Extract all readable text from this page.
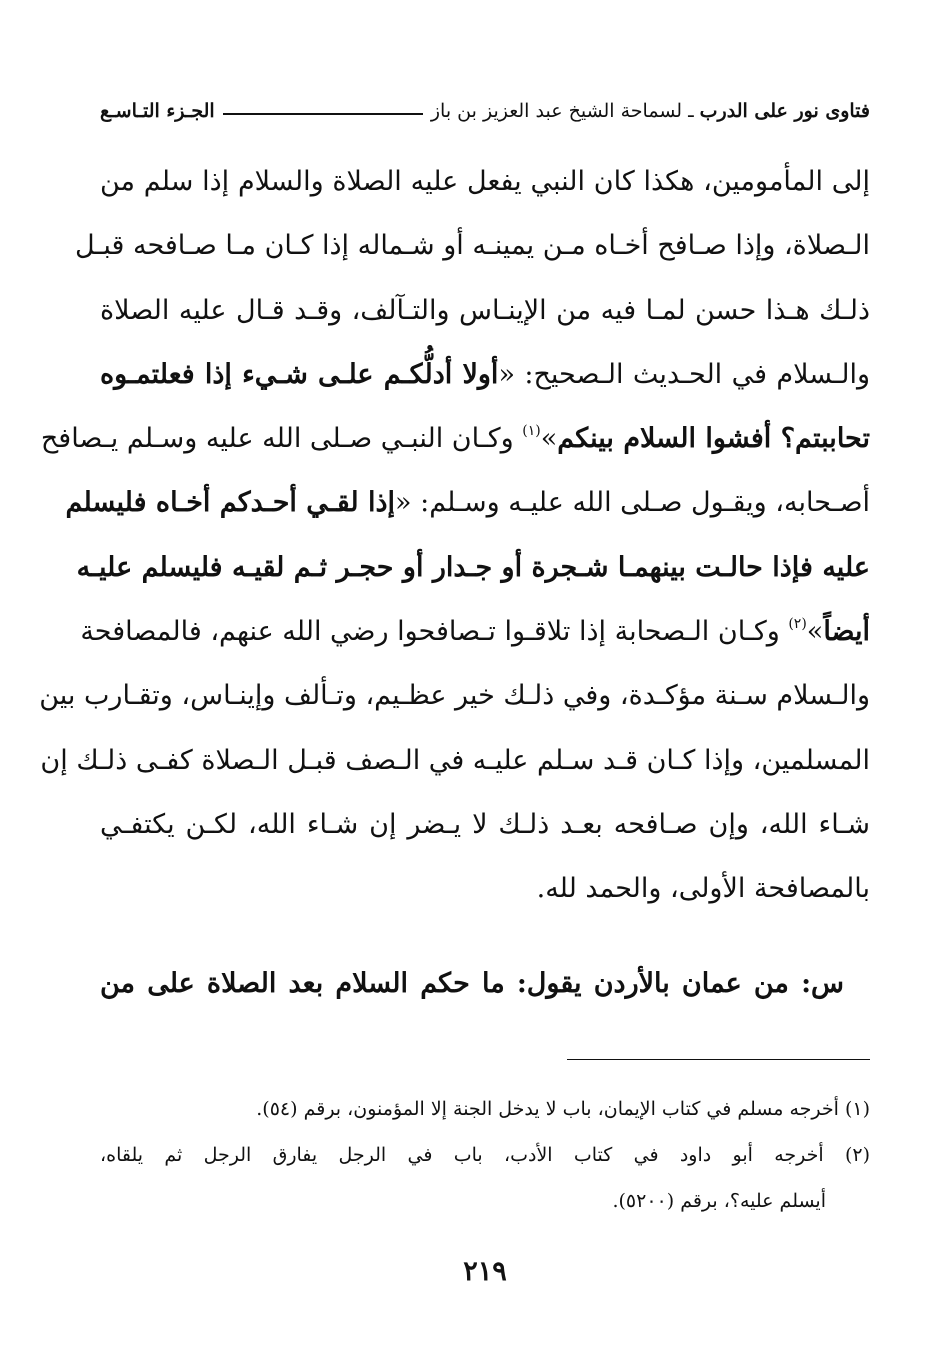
فتاوى نور على الدرب
ـ
لسماحة الشيخ عبد العزيز بن باز
الجـزء التـاسـع
إلى المأمومين، هكذا كان النبي يفعل عليه الصلاة والسلام إذا سلم من
الـصلاة، وإذا صـافح أخـاه مـن يمينـه أو شـماله إذا كـان مـا صـافحه قبـل
ذلـك هـذا حسن لمـا فيه من الإينـاس والتـآلف، وقـد قـال عليه الصلاة
والـسلام في الحـديث الـصحيح: «أولا أدلُّكـم علـى شـيء إذا فعلتمـوه
تحاببتم؟ أفشوا السلام بينكم»$^{(١)}$ وكـان النبـي صـلى الله عليه وسـلم يـصافح
أصـحابه، ويقـول صـلى الله عليـه وسـلم: «إذا لقـي أحـدكم أخـاه فليسلم
عليه فإذا حالـت بينهمـا شـجرة أو جـدار أو حجـر ثـم لقيـه فليسلم عليـه
أيضاً»$^{(٢)}$ وكـان الـصحابة إذا تلاقـوا تـصافحوا رضي الله عنهم، فالمصافحة
والـسلام سـنة مؤكـدة، وفي ذلـك خير عظـيم، وتـألف وإينـاس، وتقـارب بين
المسلمين، وإذا كـان قـد سـلم عليـه في الـصف قبـل الـصلاة كفـى ذلـك إن
شـاء الله، وإن صـافحه بعـد ذلـك لا يـضر إن شـاء الله، لكـن يكتفـي
بالمصافحة الأولى، والحمد لله.
س: من عمان بالأردن يقول: ما حكم السلام بعد الصلاة على من
(١) أخرجه مسلم في كتاب الإيمان، باب لا يدخل الجنة إلا المؤمنون، برقم (٥٤).
(٢) أخرجه أبو داود في كتاب الأدب، باب في الرجل يفارق الرجل ثم يلقاه،
أيسلم عليه؟، برقم (٥٢٠٠).
٢١٩
